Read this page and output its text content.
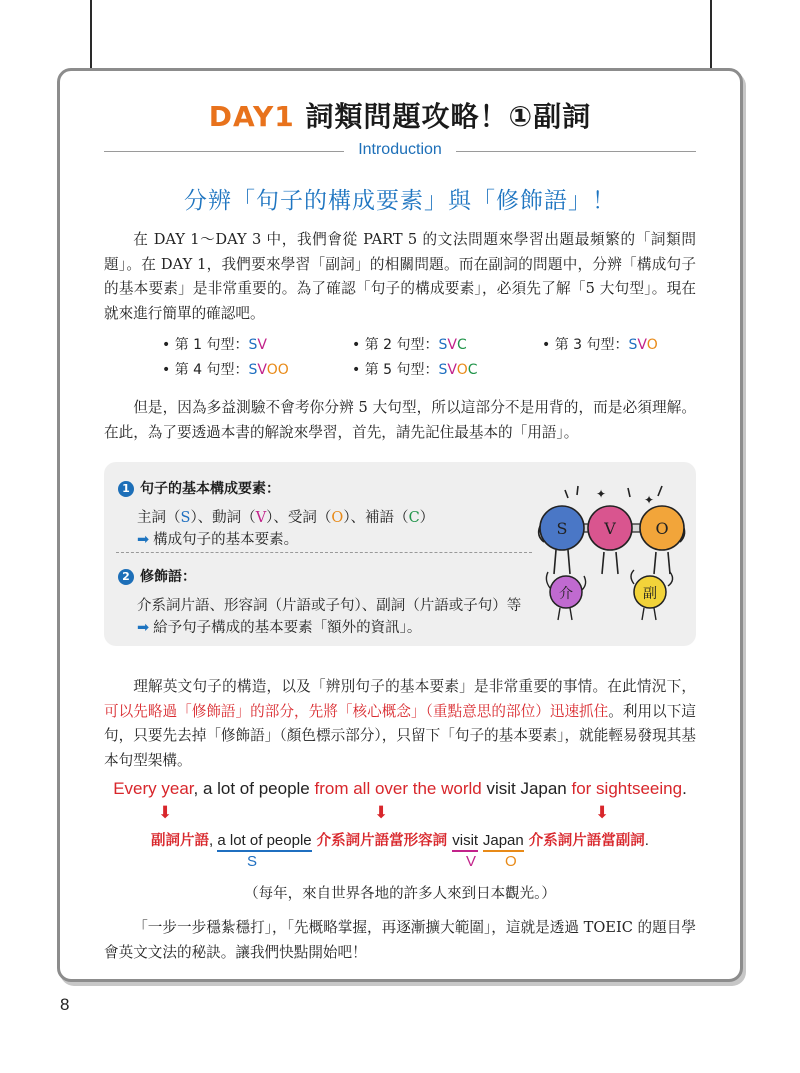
DAY1 詞類問題攻略！①副詞
Introduction
分辨「句子的構成要素」與「修飾語」！
在 DAY 1～DAY 3 中，我們會從 PART 5 的文法問題來學習出題最頻繁的「詞類問題」。在 DAY 1，我們要來學習「副詞」的相關問題。而在副詞的問題中，分辨「構成句子的基本要素」是非常重要的。為了確認「句子的構成要素」，必須先了解「5 大句型」。現在就來進行簡單的確認吧。
• 第 1 句型：SV	• 第 2 句型：SVC	• 第 3 句型：SVO
• 第 4 句型：SVOO	• 第 5 句型：SVOC
但是，因為多益測驗不會考你分辨 5 大句型，所以這部分不是用背的，而是必須理解。在此，為了要透過本書的解說來學習，首先，請先記住最基本的「用語」。
1 句子的基本構成要素：
主詞（S）、動詞（V）、受詞（O）、補語（C）
➡ 構成句子的基本要素。
2 修飾語：
介系詞片語、形容詞（片語或子句）、副詞（片語或子句）等
➡ 給予句子構成的基本要素「額外的資訊」。
✦	✦
S V O
介	副
理解英文句子的構造，以及「辨別句子的基本要素」是非常重要的事情。在此情況下，可以先略過「修飾語」的部分，先將「核心概念」（重點意思的部位）迅速抓住。利用以下這句，只要先去掉「修飾語」（顏色標示部分），只留下「句子的基本要素」，就能輕易發現其基本句型架構。
Every year, a lot of people from all over the world visit Japan for sightseeing.
⬇	⬇	⬇
副詞片語, a lot of people 介系詞片語當形容詞 visit Japan 介系詞片語當副詞.
S	V O
（每年，來自世界各地的許多人來到日本觀光。）
「一步一步穩紮穩打」，「先概略掌握，再逐漸擴大範圍」，這就是透過 TOEIC 的題目學會英文文法的秘訣。讓我們快點開始吧！
8
